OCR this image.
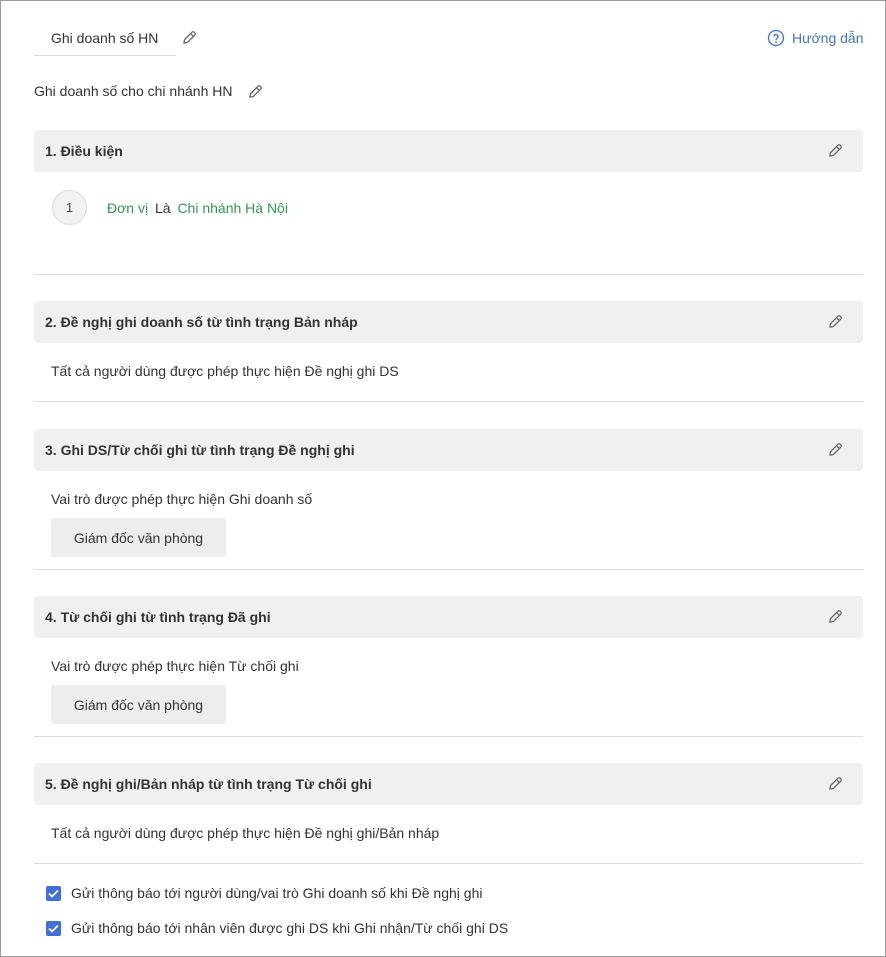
Ghi doanh số HN	Hướng dẫn
Ghi doanh số cho chi nhánh HN
1. Điều kiện
1	Đơn vị Là Chi nhánh Hà Nội
2. Đề nghị ghi doanh số từ tình trạng Bản nháp
Tất cả người dùng được phép thực hiện Đề nghị ghi DS
3. Ghi DS/Từ chối ghi từ tình trạng Đề nghị ghi
Vai trò được phép thực hiện Ghi doanh số
Giám đốc văn phòng
4. Từ chối ghi từ tình trạng Đã ghi
Vai trò được phép thực hiện Từ chối ghi
Giám đốc văn phòng
5. Đề nghị ghi/Bản nháp từ tình trạng Từ chối ghi
Tất cả người dùng được phép thực hiện Đề nghị ghi/Bản nháp
Gửi thông báo tới người dùng/vai trò Ghi doanh số khi Đề nghị ghi
Gửi thông báo tới nhân viên được ghi DS khi Ghi nhận/Từ chối ghi DS
